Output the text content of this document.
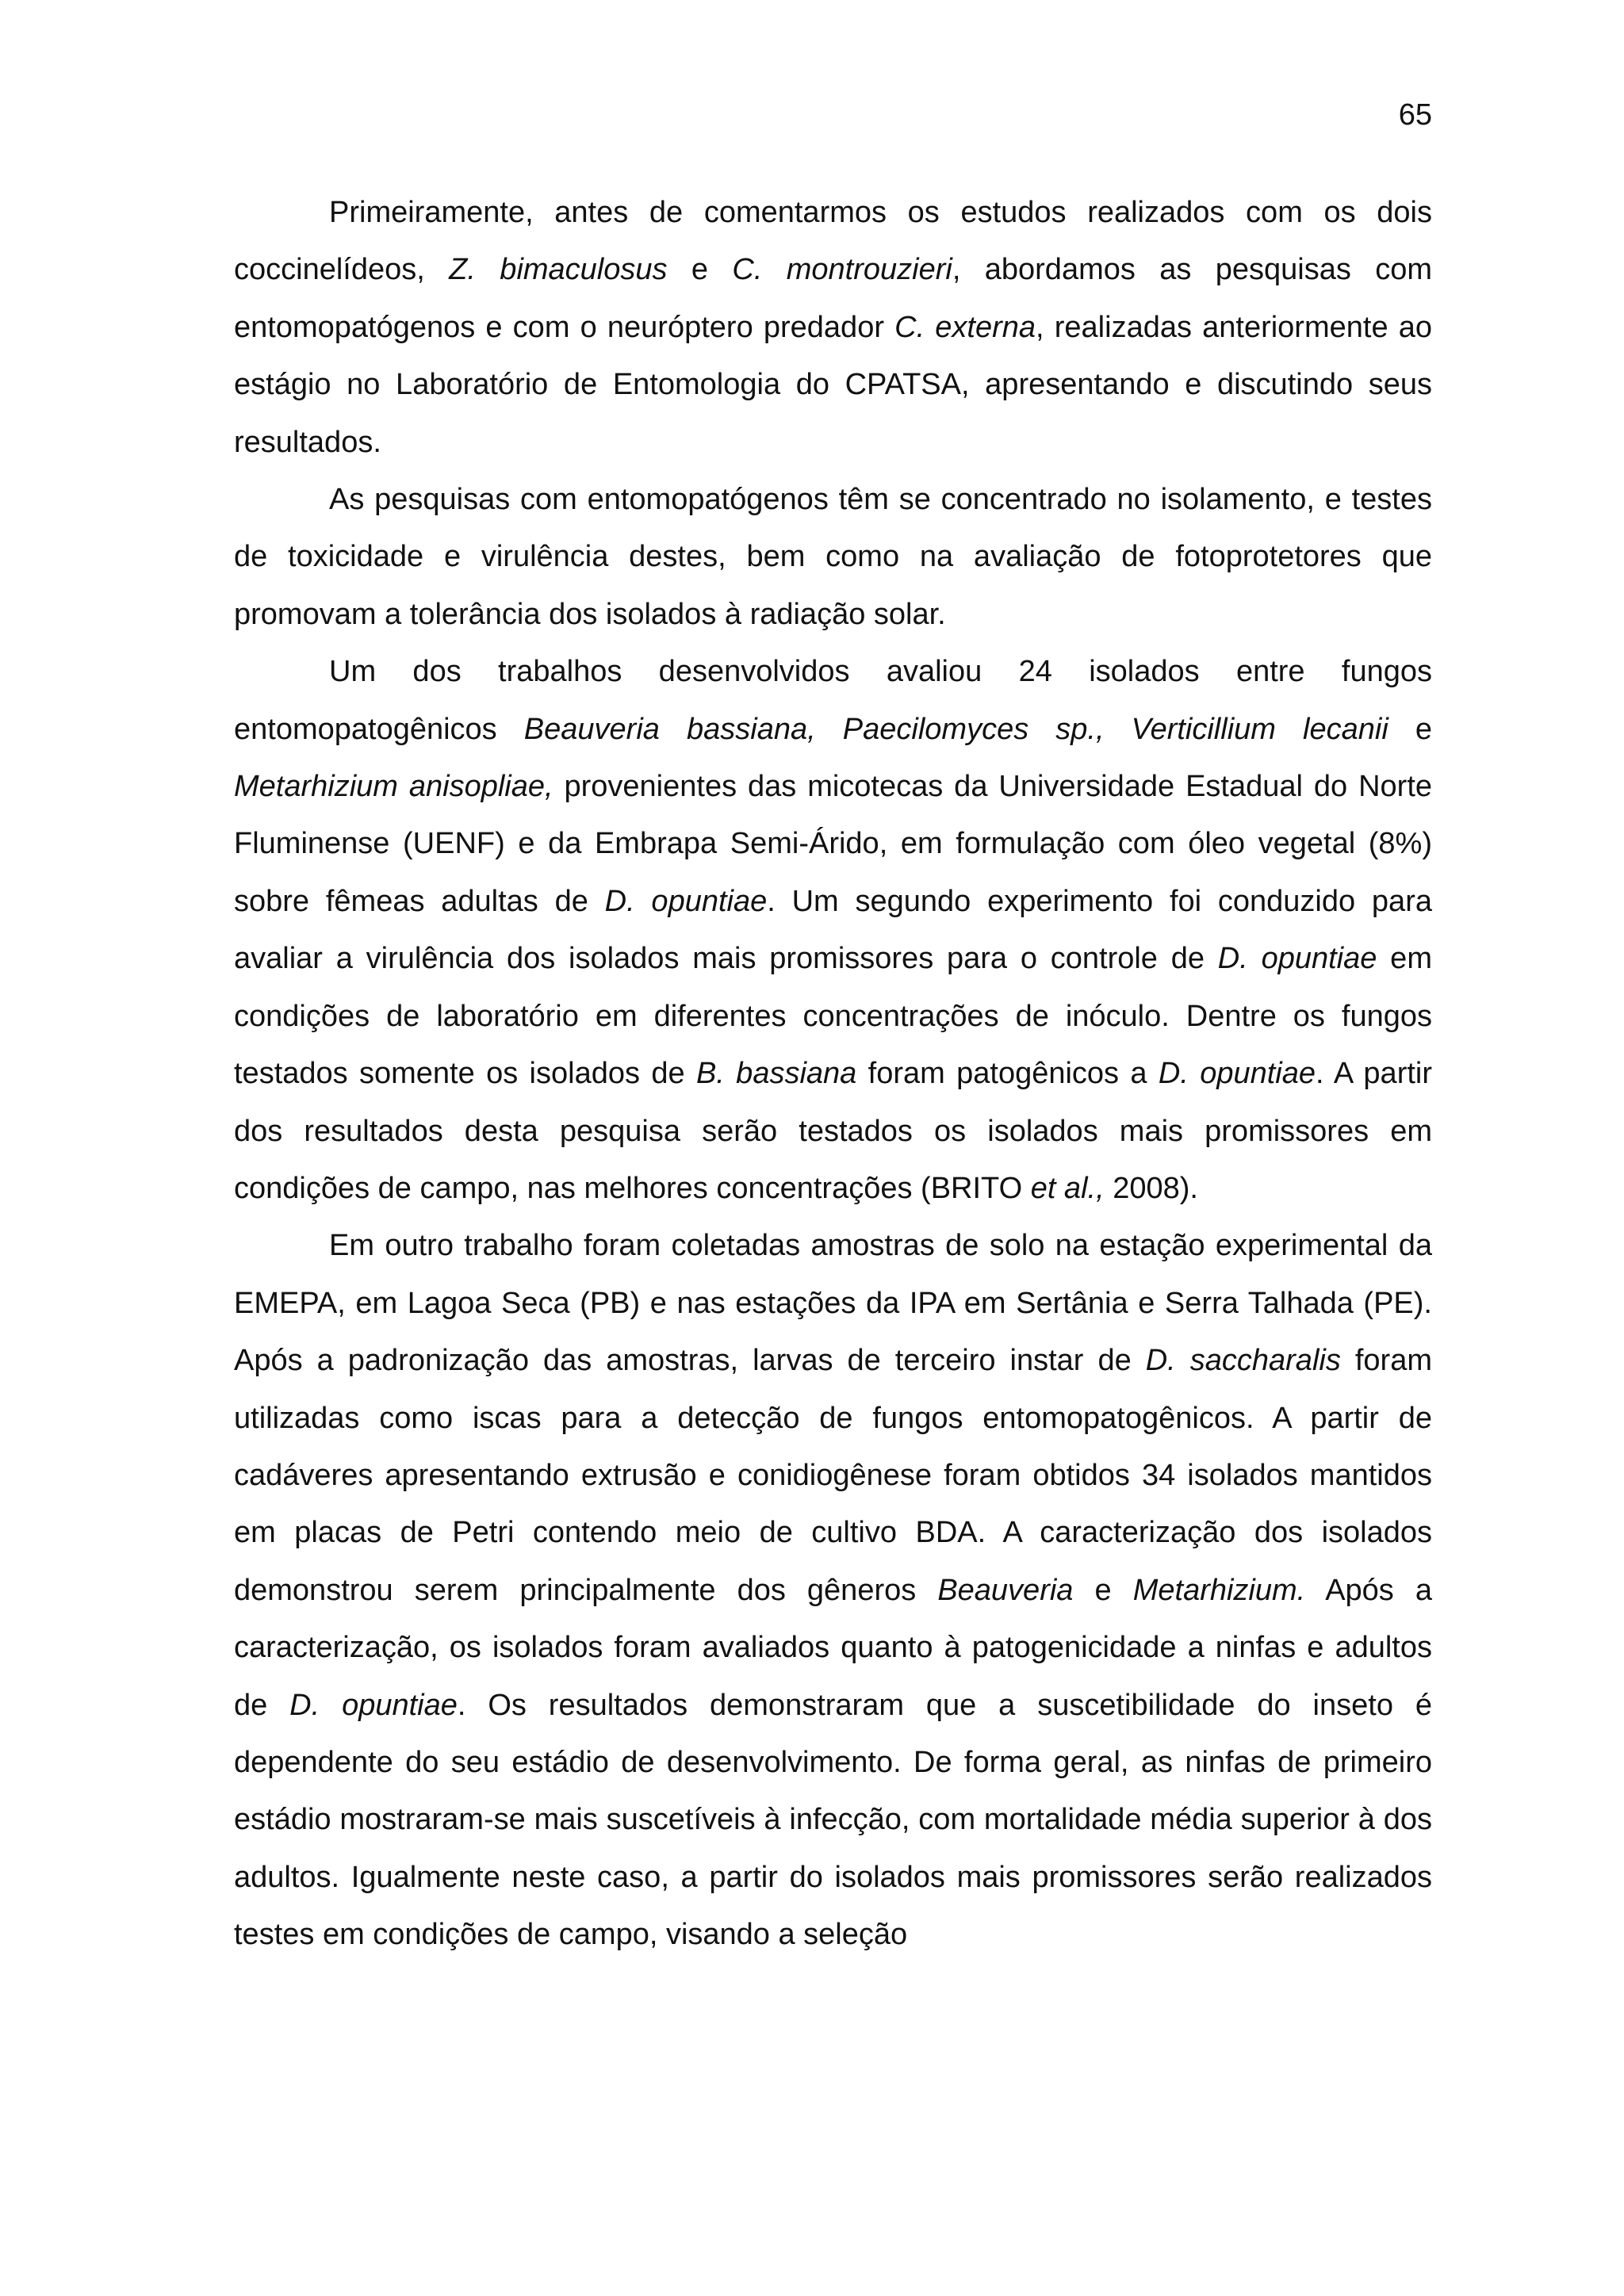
65

Primeiramente, antes de comentarmos os estudos realizados com os dois coccinelídeos, Z. bimaculosus e C. montrouzieri, abordamos as pesquisas com entomopatógenos e com o neuróptero predador C. externa, realizadas anteriormente ao estágio no Laboratório de Entomologia do CPATSA, apresentando e discutindo seus resultados.

As pesquisas com entomopatógenos têm se concentrado no isolamento, e testes de toxicidade e virulência destes, bem como na avaliação de fotoprotetores que promovam a tolerância dos isolados à radiação solar.

Um dos trabalhos desenvolvidos avaliou 24 isolados entre fungos entomopatogênicos Beauveria bassiana, Paecilomyces sp., Verticillium lecanii e Metarhizium anisopliae, provenientes das micotecas da Universidade Estadual do Norte Fluminense (UENF) e da Embrapa Semi-Árido, em formulação com óleo vegetal (8%) sobre fêmeas adultas de D. opuntiae. Um segundo experimento foi conduzido para avaliar a virulência dos isolados mais promissores para o controle de D. opuntiae em condições de laboratório em diferentes concentrações de inóculo. Dentre os fungos testados somente os isolados de B. bassiana foram patogênicos a D. opuntiae. A partir dos resultados desta pesquisa serão testados os isolados mais promissores em condições de campo, nas melhores concentrações (BRITO et al., 2008).

Em outro trabalho foram coletadas amostras de solo na estação experimental da EMEPA, em Lagoa Seca (PB) e nas estações da IPA em Sertânia e Serra Talhada (PE). Após a padronização das amostras, larvas de terceiro instar de D. saccharalis foram utilizadas como iscas para a detecção de fungos entomopatogênicos. A partir de cadáveres apresentando extrusão e conidiogênese foram obtidos 34 isolados mantidos em placas de Petri contendo meio de cultivo BDA. A caracterização dos isolados demonstrou serem principalmente dos gêneros Beauveria e Metarhizium. Após a caracterização, os isolados foram avaliados quanto à patogenicidade a ninfas e adultos de D. opuntiae. Os resultados demonstraram que a suscetibilidade do inseto é dependente do seu estádio de desenvolvimento. De forma geral, as ninfas de primeiro estádio mostraram-se mais suscetíveis à infecção, com mortalidade média superior à dos adultos. Igualmente neste caso, a partir do isolados mais promissores serão realizados testes em condições de campo, visando a seleção
